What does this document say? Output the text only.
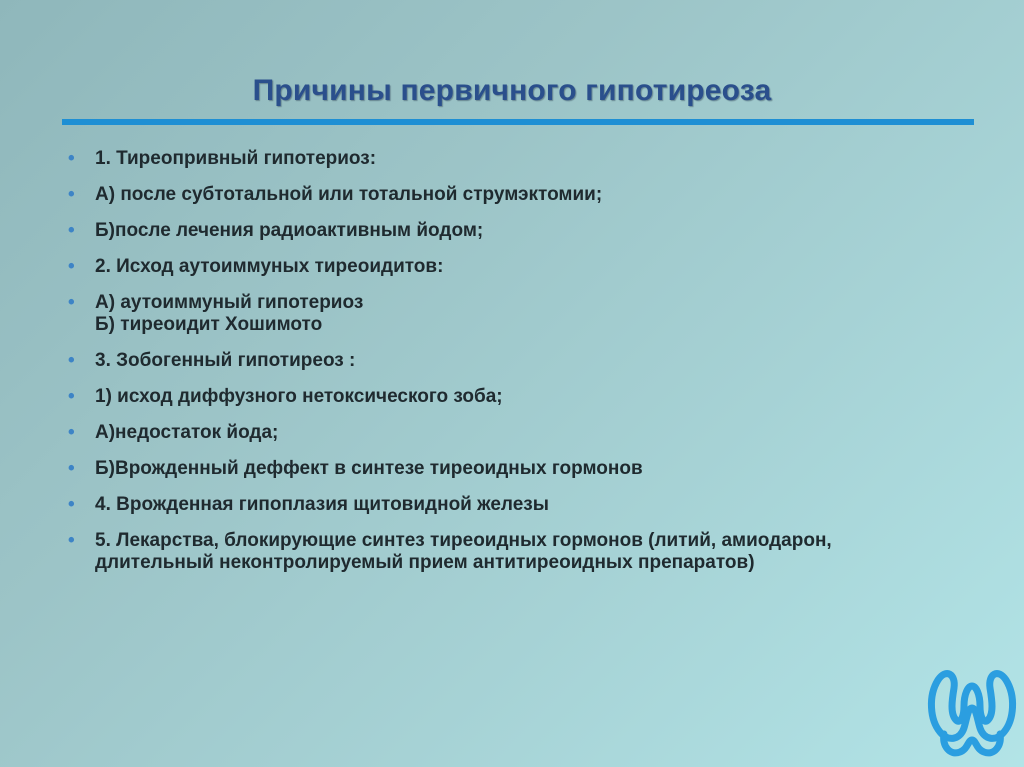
Причины первичного гипотиреоза
• 1. Тиреопривный гипотериоз:
• А) после субтотальной или тотальной струмэктомии;
• Б)после лечения радиоактивным йодом;
• 2. Исход аутоиммуных тиреоидитов:
• А) аутоиммуный гипотериоз
Б) тиреоидит Хошимото
• 3. Зобогенный гипотиреоз :
• 1) исход диффузного нетоксического зоба;
• А)недостаток йода;
• Б)Врожденный деффект в синтезе тиреоидных гормонов
• 4. Врожденная гипоплазия щитовидной железы
• 5. Лекарства, блокирующие синтез тиреоидных гормонов (литий, амиодарон,
длительный неконтролируемый прием антитиреоидных препаратов)
